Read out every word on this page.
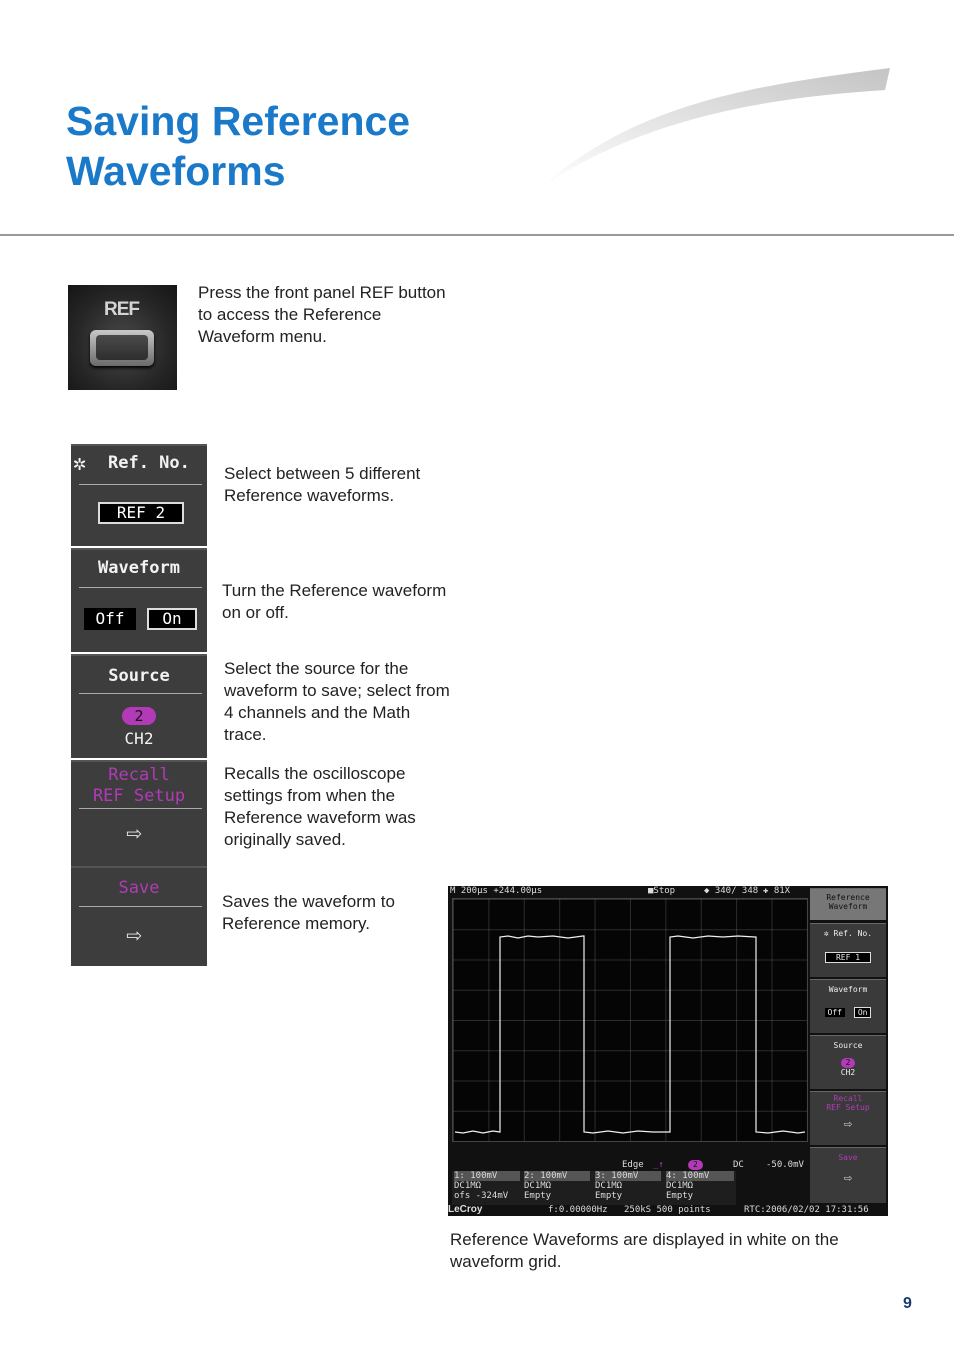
Saving Reference
Waveforms
REF
Press the front panel REF button to access the Reference Waveform menu.
✲ Ref. No.
REF 2
Select between 5 different Reference waveforms.
Waveform
Off	On
Turn the Reference waveform on or off.
Source
2
CH2
Select the source for the waveform to save; select from 4 channels and the Math trace.
Recall
REF Setup
⇨
Recalls the oscilloscope settings from when the Reference waveform was originally saved.
Save
⇨
Saves the waveform to Reference memory.
M 200µs +244.00µs	■Stop	◆ 340/ 348 ✚ 81X
Edge _↑	2	DC -50.0mV
1: 100mV
DC1MΩ
ofs -324mV
2: 100mV
DC1MΩ
Empty
3: 100mV
DC1MΩ
Empty
4: 100mV
DC1MΩ
Empty
LeCroy	f:0.00000Hz 250kS 500 points	RTC:2006/02/02 17:31:56
Reference
Waveform
✲ Ref. No.
REF 1
Waveform
Off On
Source
2
CH2
Recall
REF Setup
⇨
Save
⇨
Reference Waveforms are displayed in white on the waveform grid.
9
